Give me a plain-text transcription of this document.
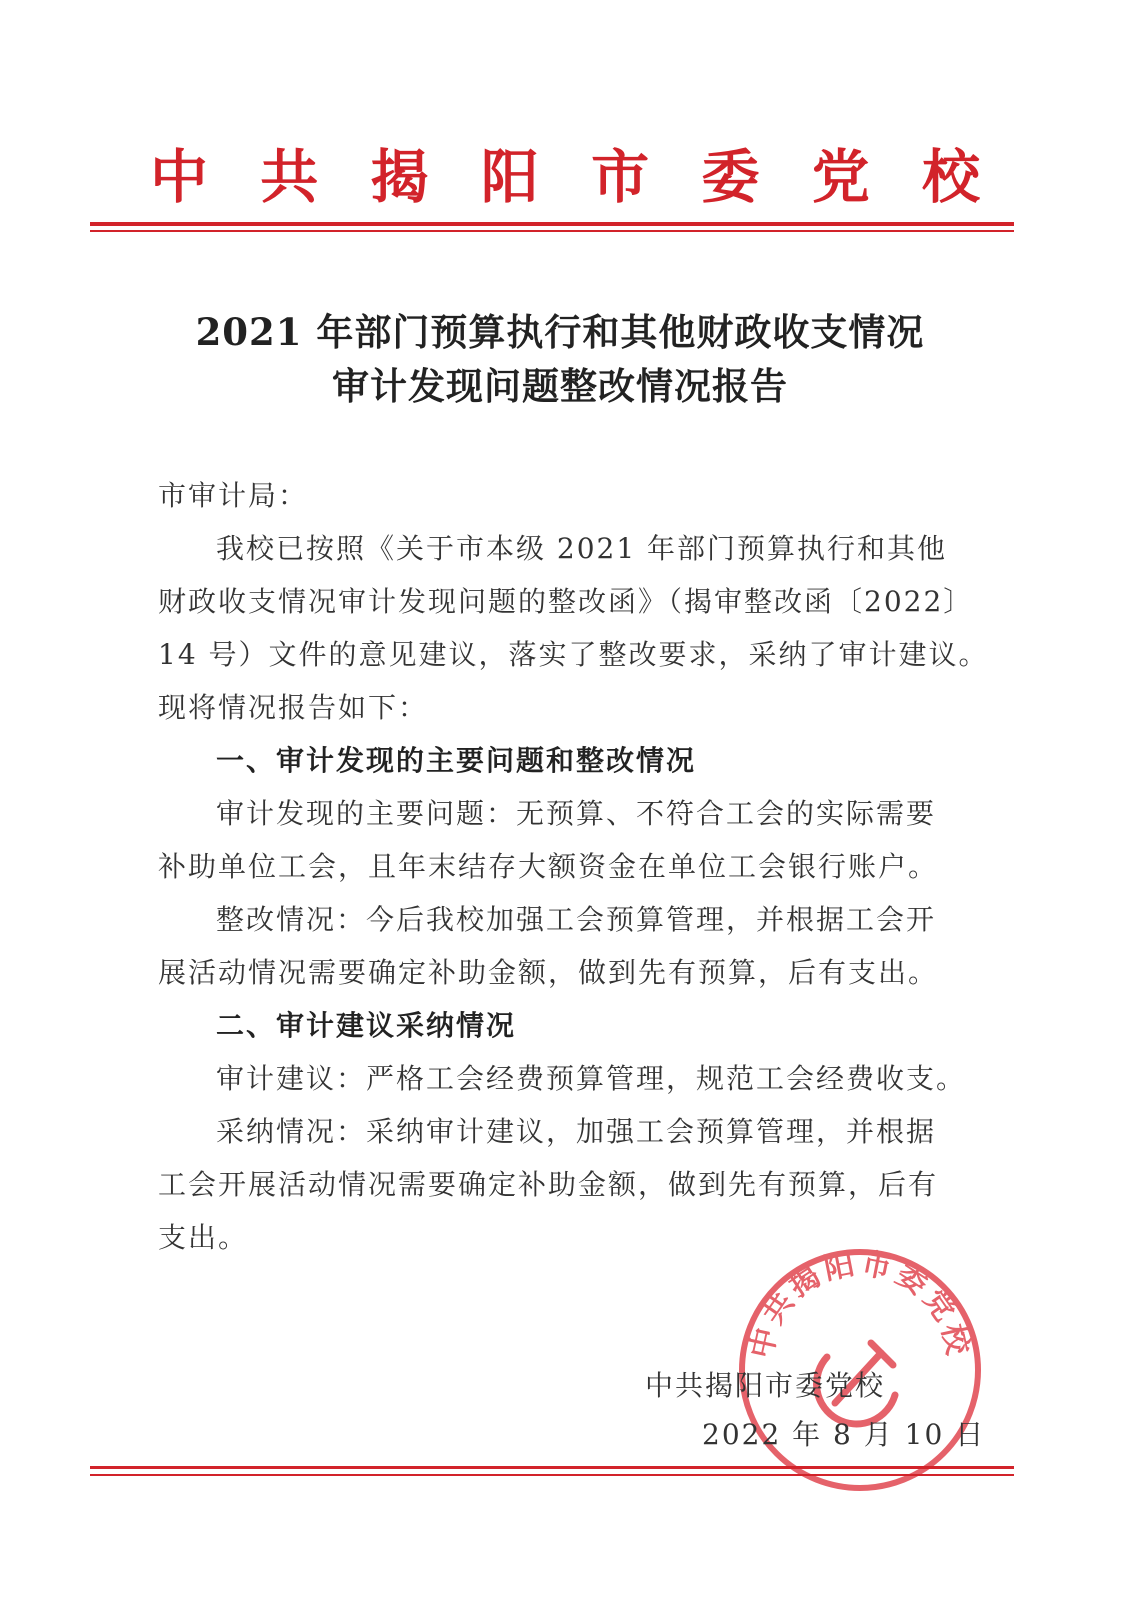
中 共 揭 阳 市 委 党 校
2021 年部门预算执行和其他财政收支情况
审计发现问题整改情况报告
市审计局：
我校已按照《关于市本级 2021 年部门预算执行和其他
财政收支情况审计发现问题的整改函》（揭审整改函〔2022〕
14 号）文件的意见建议，落实了整改要求，采纳了审计建议。
现将情况报告如下：
一、审计发现的主要问题和整改情况
审计发现的主要问题：无预算、不符合工会的实际需要
补助单位工会，且年末结存大额资金在单位工会银行账户。
整改情况：今后我校加强工会预算管理，并根据工会开
展活动情况需要确定补助金额，做到先有预算，后有支出。
二、审计建议采纳情况
审计建议：严格工会经费预算管理，规范工会经费收支。
采纳情况：采纳审计建议，加强工会预算管理，并根据
工会开展活动情况需要确定补助金额，做到先有预算，后有
支出。
中共揭阳市委党校
中共揭阳市委党校
2022 年 8 月 10 日
